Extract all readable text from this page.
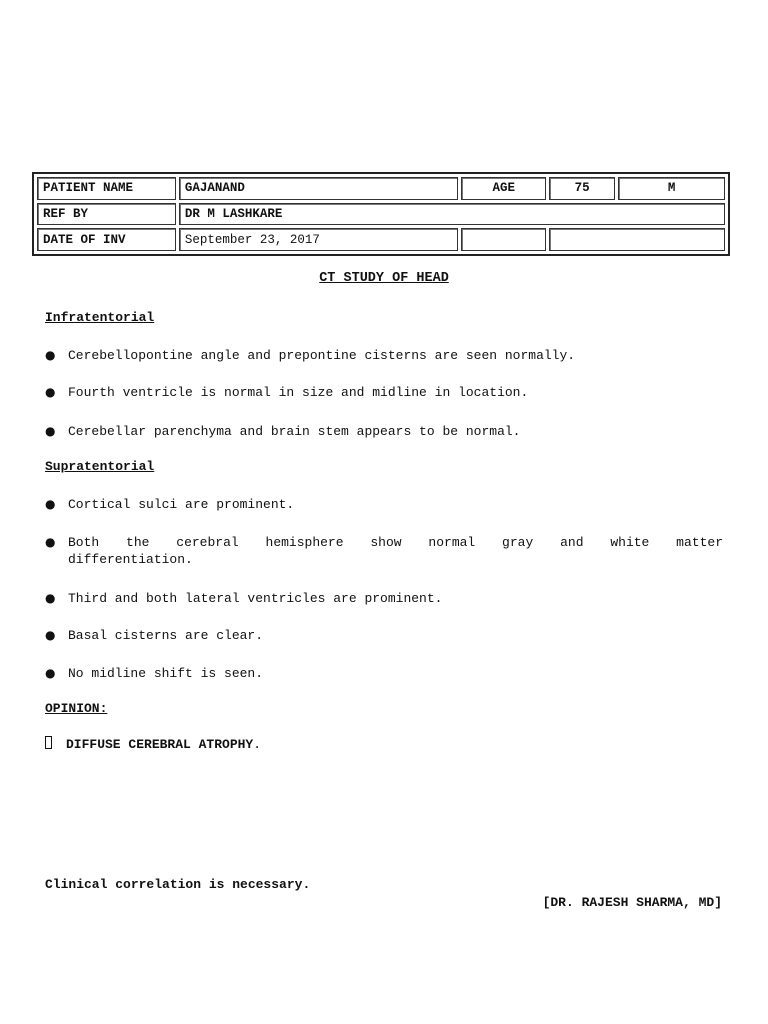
PATIENT NAME	GAJANAND	AGE	75	M
REF BY	DR M LASHKARE			
DATE OF INV	September 23, 2017			
CT STUDY OF HEAD
Infratentorial
● Cerebellopontine angle and prepontine cisterns are seen normally.
● Fourth ventricle is normal in size and midline in location.
● Cerebellar parenchyma and brain stem appears to be normal.
Supratentorial
● Cortical sulci are prominent.
● Both the cerebral hemisphere show normal gray and white matter
differentiation.
● Third and both lateral ventricles are prominent.
● Basal cisterns are clear.
● No midline shift is seen.
OPINION:
DIFFUSE CEREBRAL ATROPHY.
Clinical correlation is necessary.
[DR. RAJESH SHARMA, MD]
